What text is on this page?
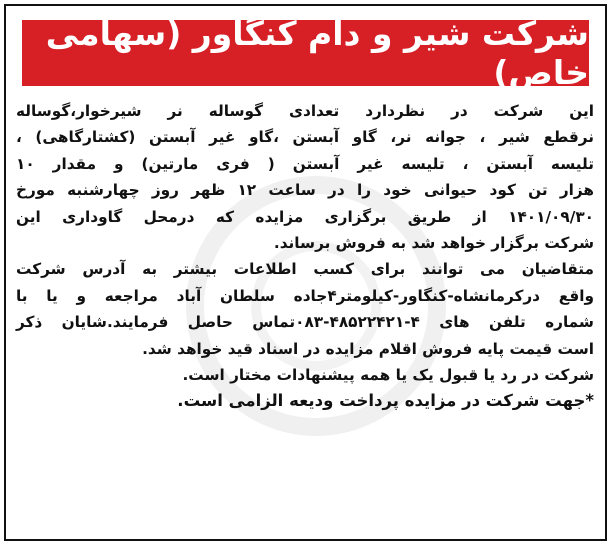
شرکت شیر و دام کنگاور (سهامی خاص)
این شرکت در نظردارد تعدادی گوساله نر شیرخوار،گوساله
نرقطع شیر ، جوانه نر، گاو آبستن ،گاو غیر آبستن (کشتارگاهی) ،
تلیسه آبستن ، تلیسه غیر آبستن ( فری مارتین) و مقدار ۱۰
هزار تن کود حیوانی خود را در ساعت ۱۲ ظهر روز چهارشنبه مورخ
۱۴۰۱/۰۹/۳۰ از طریق برگزاری مزایده که درمحل گاوداری این
شرکت برگزار خواهد شد به فروش برساند.
متقاضیان می توانند برای کسب اطلاعات بیشتر به آدرس شرکت
واقع درکرمانشاه-کنگاور-کیلومتر۴جاده سلطان آباد مراجعه و یا با
شماره تلفن های ۴-۴۸۵۲۲۴۲۱-۰۸۳تماس حاصل فرمایند.شایان ذکر
است قیمت پایه فروش اقلام مزایده در اسناد قید خواهد شد.
شرکت در رد یا قبول یک یا همه پیشنهادات مختار است.
*جهت شرکت در مزایده پرداخت ودیعه الزامی است.
